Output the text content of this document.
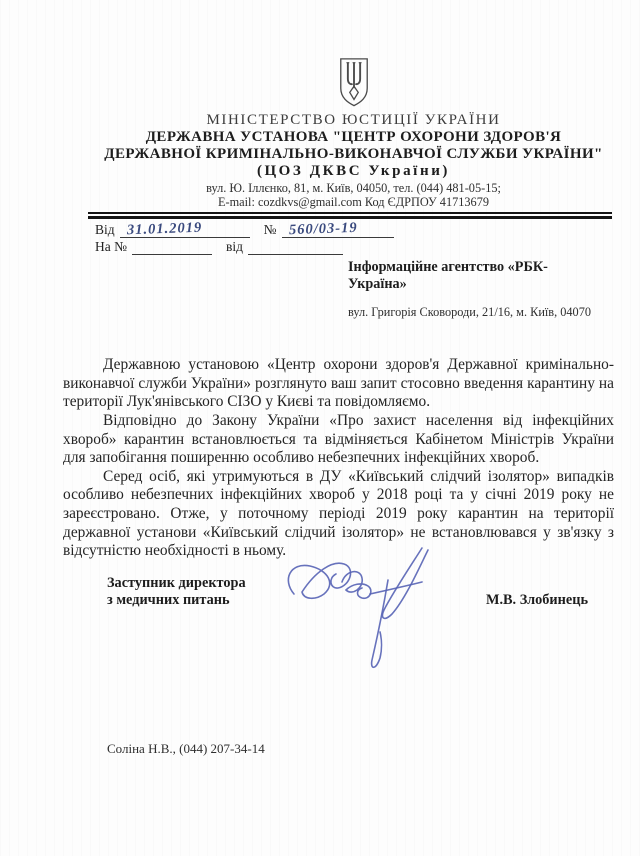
МІНІСТЕРСТВО ЮСТИЦІЇ УКРАЇНИ
ДЕРЖАВНА УСТАНОВА "ЦЕНТР ОХОРОНИ ЗДОРОВ'Я
ДЕРЖАВНОЇ КРИМІНАЛЬНО-ВИКОНАВЧОЇ СЛУЖБИ УКРАЇНИ"
(ЦОЗ ДКВС України)
вул. Ю. Іллєнко, 81, м. Київ, 04050, тел. (044) 481-05-15;
E-mail: cozdkvs@gmail.com Код ЄДРПОУ 41713679
Від 31.01.2019	№ 560/03-19
На №	від
Інформаційне агентство «РБК-
Україна»
вул. Григорія Сковороди, 21/16, м. Київ, 04070

Державною установою «Центр охорони здоров'я Державної кримінально-виконавчої служби України» розглянуто ваш запит стосовно введення карантину на території Лук'янівського СІЗО у Києві та повідомляємо.

Відповідно до Закону України «Про захист населення від інфекційних хвороб» карантин встановлюється та відміняється Кабінетом Міністрів України для запобігання поширенню особливо небезпечних інфекційних хвороб.

Серед осіб, які утримуються в ДУ «Київський слідчий ізолятор» випадків особливо небезпечних інфекційних хвороб у 2018 році та у січні 2019 року не зареєстровано. Отже, у поточному періоді 2019 року карантин на території державної установи «Київський слідчий ізолятор» не встановлювався у зв'язку з відсутністю необхідності в ньому.

Заступник директора
з медичних питань	М.В. Злобинець
Соліна Н.В., (044) 207-34-14
